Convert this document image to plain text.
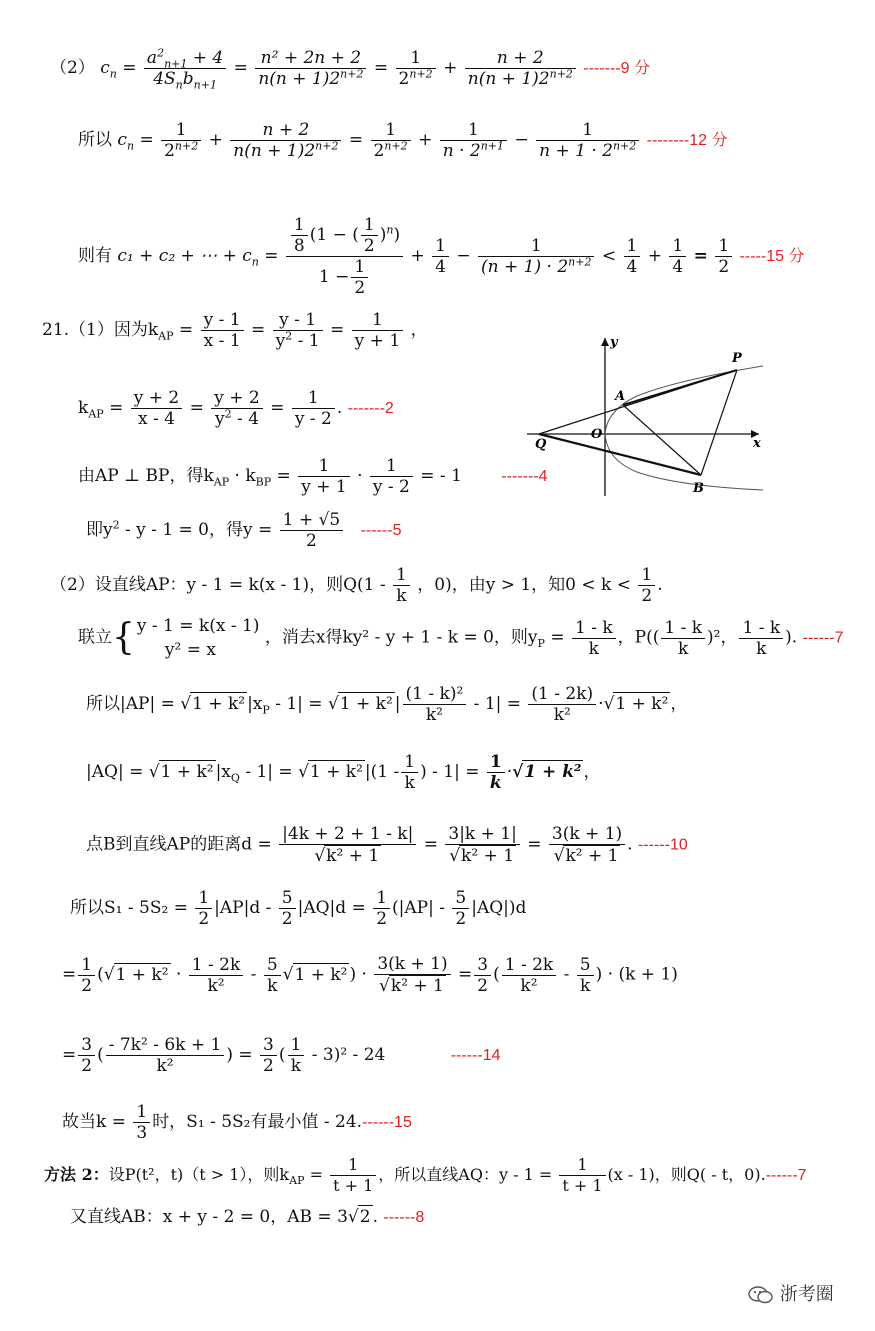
（2） $c_n = \frac{a^2_{n+1} + 4}{4S_nb_{n+1}} = \frac{\text{n² + 2n + 2}}{n(n + 1)2^{n+2}} = \frac{1}{2^{n+2}} + \frac{n + 2}{n(n + 1)2^{n+2}} -------9$ 分
所以 $c_n = \frac{1}{2^{n+2}} + \frac{n + 2}{n(n + 1)2^{n+2}} = \frac{1}{2^{n+2}} + \frac{1}{n \cdot 2^{n+1}} - \frac{1}{n + 1 \cdot 2^{n+2}} --------12$ 分
则有 c₁ + c₂ + ⋯ + $c_n = \frac{\frac{1}{8} (1 - ( \frac{1}{2} )^n)}{1 - \frac{1}{2}} + \frac{1}{4} - \frac{1}{(n + 1) \cdot 2^{n+2}} < \frac{1}{4} + \frac{1}{4} = \frac{1}{2} -----15$ 分
21.（1）因为$k_{AP} = \frac{y - 1}{x - 1} = \frac{y - 1}{y^2 - 1} = \frac{1}{y + 1}$ ，
$k_{AP} = \frac{y + 2}{x - 4} = \frac{y + 2}{y^2 - 4} = \frac{1}{y - 2}$ . -------2
由AP ⊥ BP，得$k_{AP} \cdot k_{BP} = \frac{1}{y + 1} \cdot \frac{1}{y - 2}$ = - 1 -------4
即$y^2 - y - 1 = 0$，得$y = \frac{1 + √5}{2} ------5$
y
x
O
Q
A
P
B
（2）设直线AP：y - 1 = k(x - 1)，则$Q(1 - \frac{1}{k}$ ，0)，由y > 1，知$0 < k < \frac{1}{2}$ .
联立{ y - 1 = k(x - 1)
y² = x
，消去x得ky² - y + 1 - k = 0，则$y_P = \frac{1 - k}{k}$ ，$P(( \frac{1 - k}{k} )^2$， $\frac{1 - k}{k}$ ). ------7
所以|AP| = √1 + k² $|x_P - 1| = √1 + k^2$ | $\frac{\text{(1 - k)²}}{\text{k²}} - 1| = \frac{(1 - 2k)}{\text{k²}} \cdot√1 + k^2$ ，
|AQ| = √1 + k² $|x_Q - 1| = √1 + k^2$ $|(1 - \frac{1}{k}$ ) - $1| = \frac{1}{k} \cdot√1 + k^2$ ，
点B到直线AP的距离$d = \frac{|4k + 2 + 1 - k|}{\text{√k² + 1}} = \frac{3|k + 1|}{\text{√k² + 1}} = \frac{3(k + 1)}{\text{√k² + 1}}$ . ------10
所以$S_1 - 5S_2 = \frac{1}{2} |AP|d - \frac{5}{2} |AQ|d = \frac{1}{2} (|AP| - \frac{5}{2} |AQ|)d$
= $\frac{1}{2} (√1 + k^2 \cdot \frac{1 - 2k}{\text{k²}} - \frac{5}{k} √1 + k^2$ ) · $\frac{3(k + 1)}{\text{√k² + 1}} = \frac{3}{2}$ ( $\frac{1 - 2k}{\text{k²}} - \frac{5}{k}$ ) · (k + 1)
= $\frac{3}{2}$ ( $\frac{\text{- 7k² - 6k + 1}}{\text{k²}}$ ) = $\frac{3}{2}$ ( $\frac{1}{k} - 3)^2 - 24$	------14
故当$k = \frac{1}{3}$ 时，S₁ - 5S₂有最小值 - 24.------15
方法 2：设P(t²，t)（t > 1），则$k_{AP} = \frac{1}{t + 1}$ ，所以直线AQ：$y - 1 = \frac{1}{t + 1} (x - 1)$，则Q( - t，0).------7
又直线AB：x + y - 2 = 0，AB = 3√2 . ------8
浙考圈
